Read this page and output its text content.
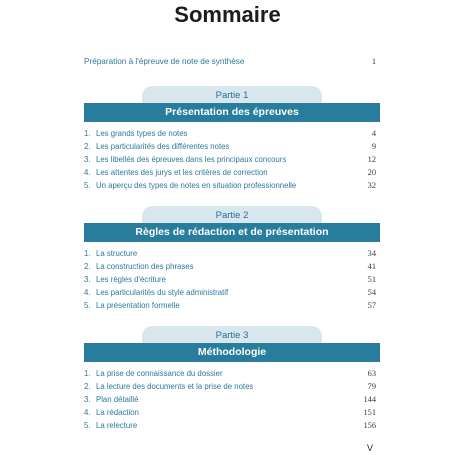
Sommaire
Préparation à l'épreuve de note de synthèse	1
Partie 1
Présentation des épreuves
1. Les grands types de notes	4
2. Les particularités des différentes notes	9
3. Les libellés des épreuves dans les principaux concours	12
4. Les attentes des jurys et les critères de correction	20
5. Un aperçu des types de notes en situation professionnelle	32
Partie 2
Règles de rédaction et de présentation
1. La structure	34
2. La construction des phrases	41
3. Les règles d'écriture	51
4. Les particularités du style administratif	54
5. La présentation formelle	57
Partie 3
Méthodologie
1. La prise de connaissance du dossier	63
2. La lecture des documents et la prise de notes	79
3. Plan détaillé	144
4. La rédaction	151
5. La relecture	156
V
